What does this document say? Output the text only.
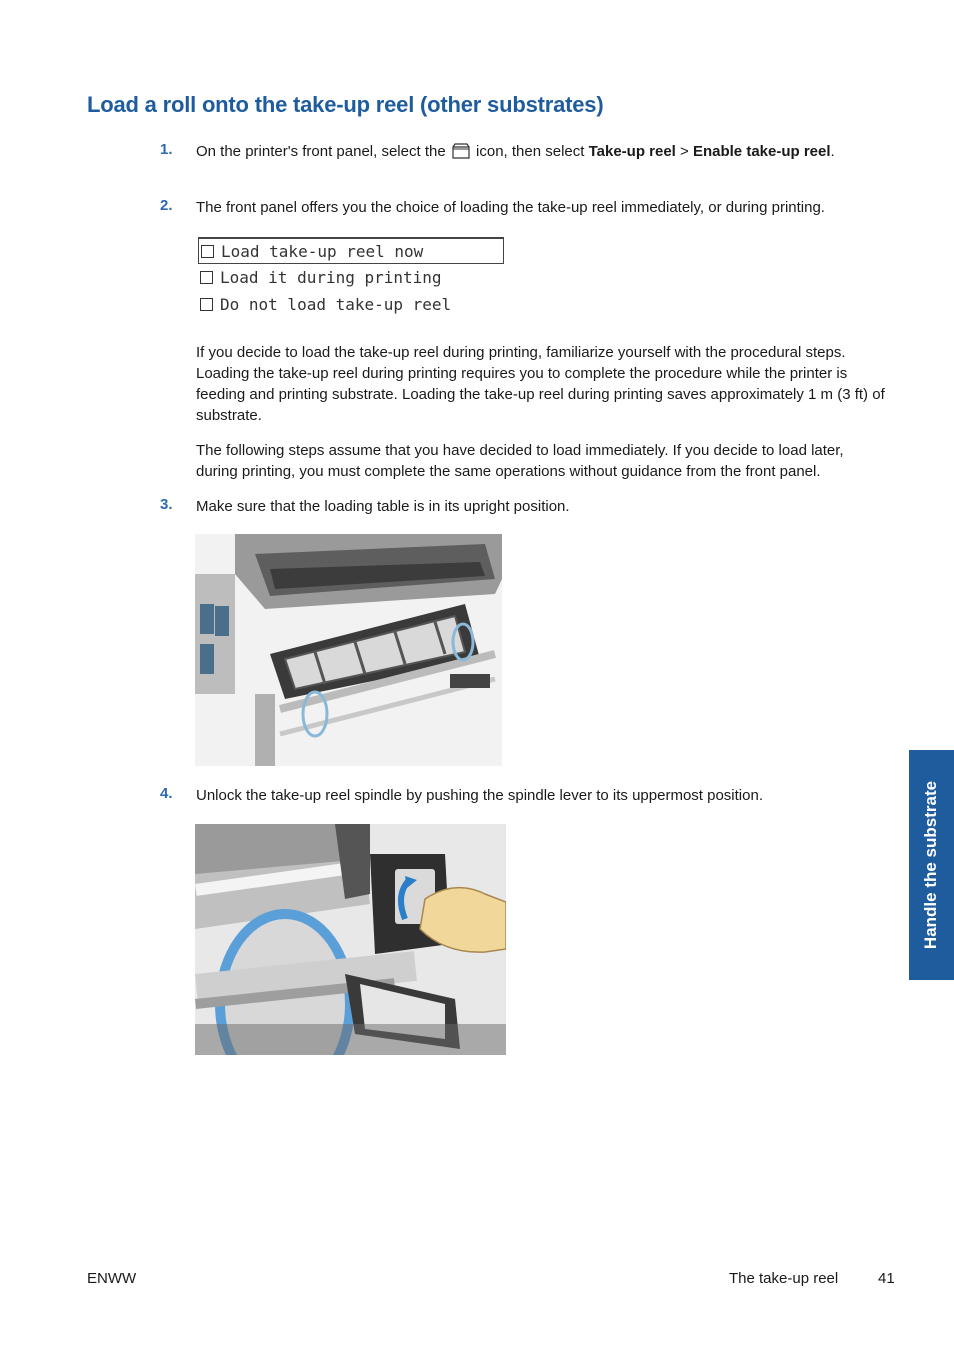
Load a roll onto the take-up reel (other substrates)
1. On the printer's front panel, select the icon, then select Take-up reel > Enable take-up reel.

2. The front panel offers you the choice of loading the take-up reel immediately, or during printing.

Load take-up reel now
Load it during printing
Do not load take-up reel

If you decide to load the take-up reel during printing, familiarize yourself with the procedural steps. Loading the take-up reel during printing requires you to complete the procedure while the printer is feeding and printing substrate. Loading the take-up reel during printing saves approximately 1 m (3 ft) of substrate.

The following steps assume that you have decided to load immediately. If you decide to load later, during printing, you must complete the same operations without guidance from the front panel.

3. Make sure that the loading table is in its upright position.

4. Unlock the take-up reel spindle by pushing the spindle lever to its uppermost position.	Handle the substrate
ENWW	The take-up reel	41
